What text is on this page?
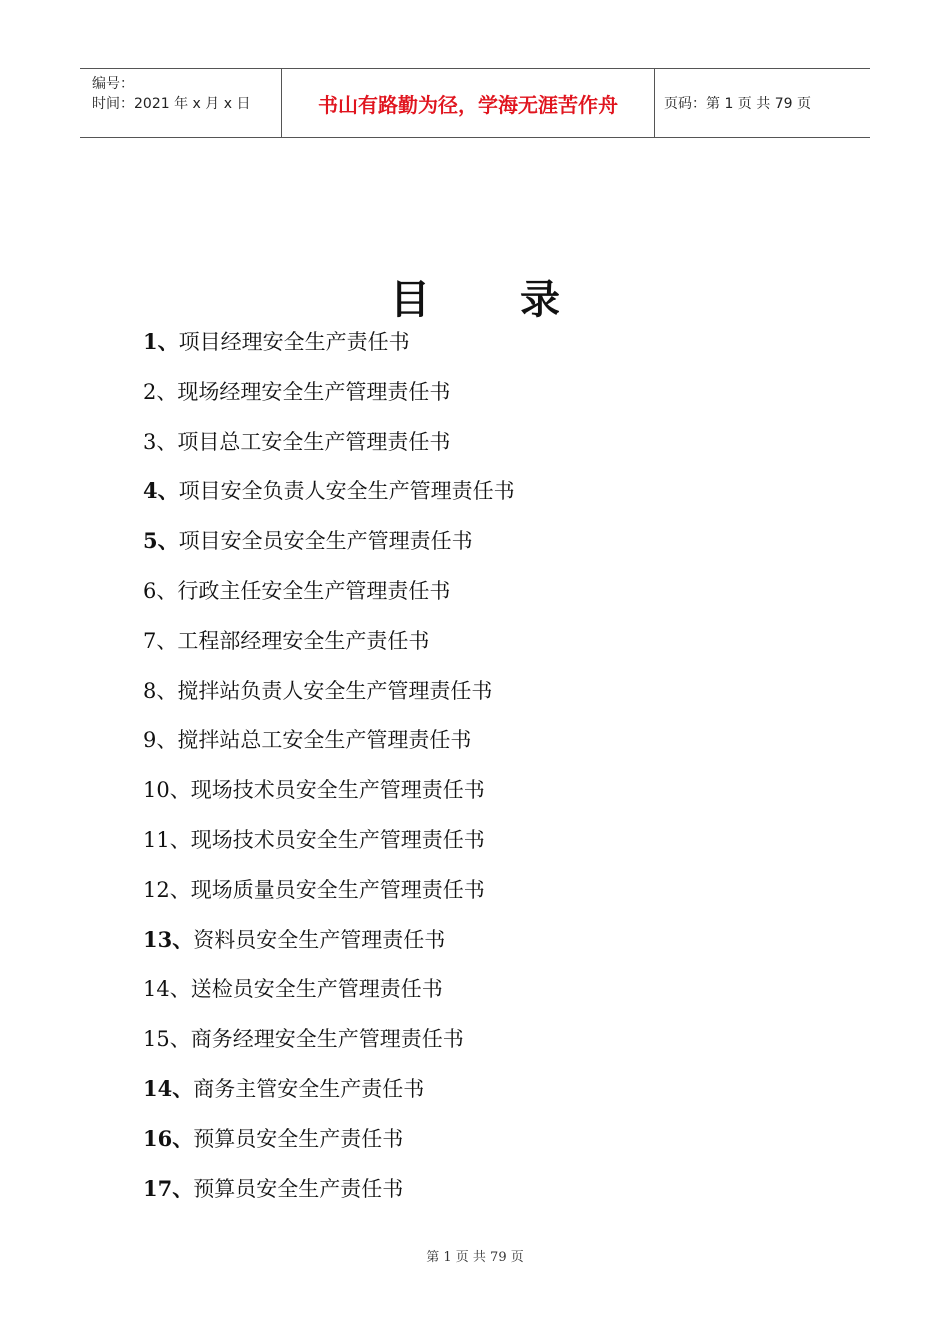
编号：
时间：2021 年 x 月 x 日	书山有路勤为径，学海无涯苦作舟	页码：第 1 页 共 79 页
目 录
1、项目经理安全生产责任书
2、现场经理安全生产管理责任书
3、项目总工安全生产管理责任书
4、项目安全负责人安全生产管理责任书
5、项目安全员安全生产管理责任书
6、行政主任安全生产管理责任书
7、工程部经理安全生产责任书
8、搅拌站负责人安全生产管理责任书
9、搅拌站总工安全生产管理责任书
10、现场技术员安全生产管理责任书
11、现场技术员安全生产管理责任书
12、现场质量员安全生产管理责任书
13、资料员安全生产管理责任书
14、送检员安全生产管理责任书
15、商务经理安全生产管理责任书
14、商务主管安全生产责任书
16、预算员安全生产责任书
17、预算员安全生产责任书
第 1 页 共 79 页
